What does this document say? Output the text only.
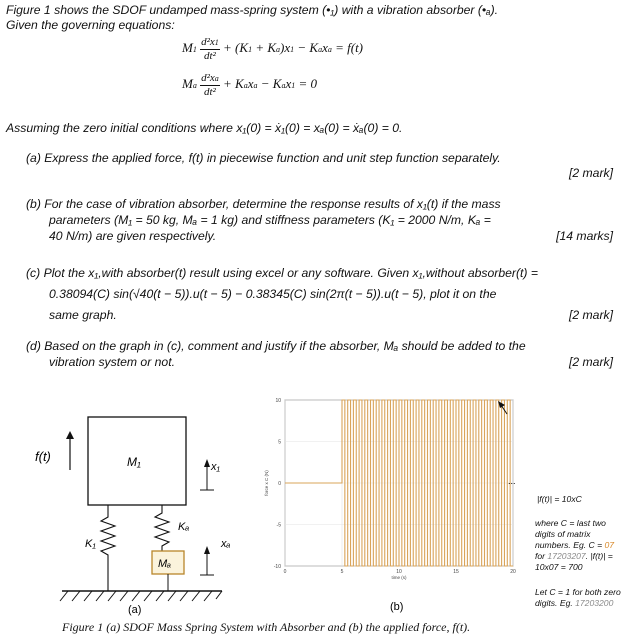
Figure 1 shows the SDOF undamped mass-spring system (•₁) with a vibration absorber (•ₐ).
Given the governing equations:
$M1 \frac{\text{d²x1}}{\text{dt²}} + (K1 + Ka)x1$ − Kaxa = f(t)
Ma $\frac{\text{d²xa}}{\text{dt²}}$ + Kaxa − Kax1 = 0
Assuming the zero initial conditions where x₁(0) = ẋ₁(0) = xₐ(0) = ẋₐ(0) = 0.
(a) Express the applied force, f(t) in piecewise function and unit step function separately.
[2 mark]
(b) For the case of vibration absorber, determine the response results of x₁(t) if the mass
parameters (M₁ = 50 kg, Mₐ = 1 kg) and stiffness parameters (K₁ = 2000 N/m, Kₐ =
40 N/m) are given respectively.	[14 marks]
(c) Plot the x₁,with absorber(t) result using excel or any software. Given x₁,without absorber(t) =
0.38094(C) sin(√40(t − 5)).u(t − 5) − 0.38345(C) sin(2π(t − 5)).u(t − 5), plot it on the
same graph.	[2 mark]
(d) Based on the graph in (c), comment and justify if the absorber, Mₐ should be added to the
vibration system or not.	[2 mark]
f(t)	M₁	x₁
K₁
Kₐ
Mₐ
xₐ
(a)
0	5	10	15	20
-10
-5
0
5
10
force x C (N)
time (s)
(b)
...
|f(t)| = 10xC
where C = last two
digits of matrix
numbers. Eg. C = 07
for 17203207. |f(t)| =
10x07 = 700
Let C = 1 for both zero
digits. Eg. 17203200
Figure 1 (a) SDOF Mass Spring System with Absorber and (b) the applied force, f(t).
